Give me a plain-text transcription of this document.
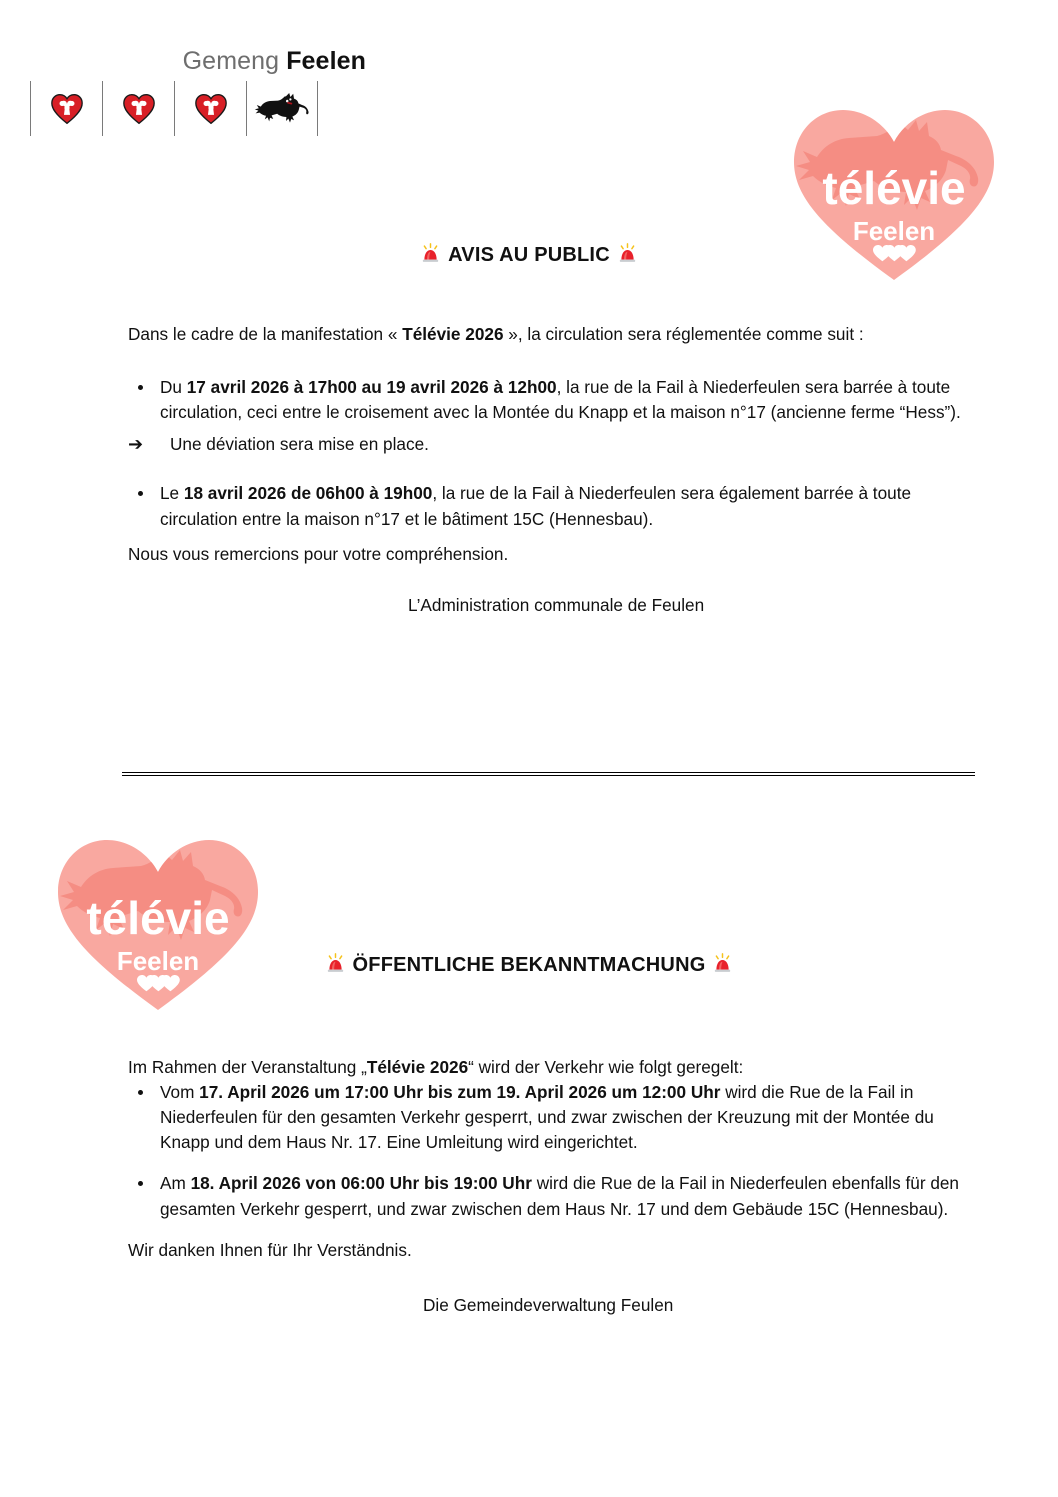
Gemeng Feelen
télévie
Feelen
AVIS AU PUBLIC

Dans le cadre de la manifestation « Télévie 2026 », la circulation sera réglementée comme suit :

Du 17 avril 2026 à 17h00 au 19 avril 2026 à 12h00, la rue de la Fail à Niederfeulen sera barrée à toute circulation, ceci entre le croisement avec la Montée du Knapp et la maison n°17 (ancienne ferme “Hess”).
➔ Une déviation sera mise en place.
Le 18 avril 2026 de 06h00 à 19h00, la rue de la Fail à Niederfeulen sera également barrée à toute circulation entre la maison n°17 et le bâtiment 15C (Hennesbau).

Nous vous remercions pour votre compréhension.

L’Administration communale de Feulen
télévie
Feelen	ÖFFENTLICHE BEKANNTMACHUNG

Im Rahmen der Veranstaltung „Télévie 2026“ wird der Verkehr wie folgt geregelt:

Vom 17. April 2026 um 17:00 Uhr bis zum 19. April 2026 um 12:00 Uhr wird die Rue de la Fail in Niederfeulen für den gesamten Verkehr gesperrt, und zwar zwischen der Kreuzung mit der Montée du Knapp und dem Haus Nr. 17. Eine Umleitung wird eingerichtet.
Am 18. April 2026 von 06:00 Uhr bis 19:00 Uhr wird die Rue de la Fail in Niederfeulen ebenfalls für den gesamten Verkehr gesperrt, und zwar zwischen dem Haus Nr. 17 und dem Gebäude 15C (Hennesbau).

Wir danken Ihnen für Ihr Verständnis.

Die Gemeindeverwaltung Feulen
